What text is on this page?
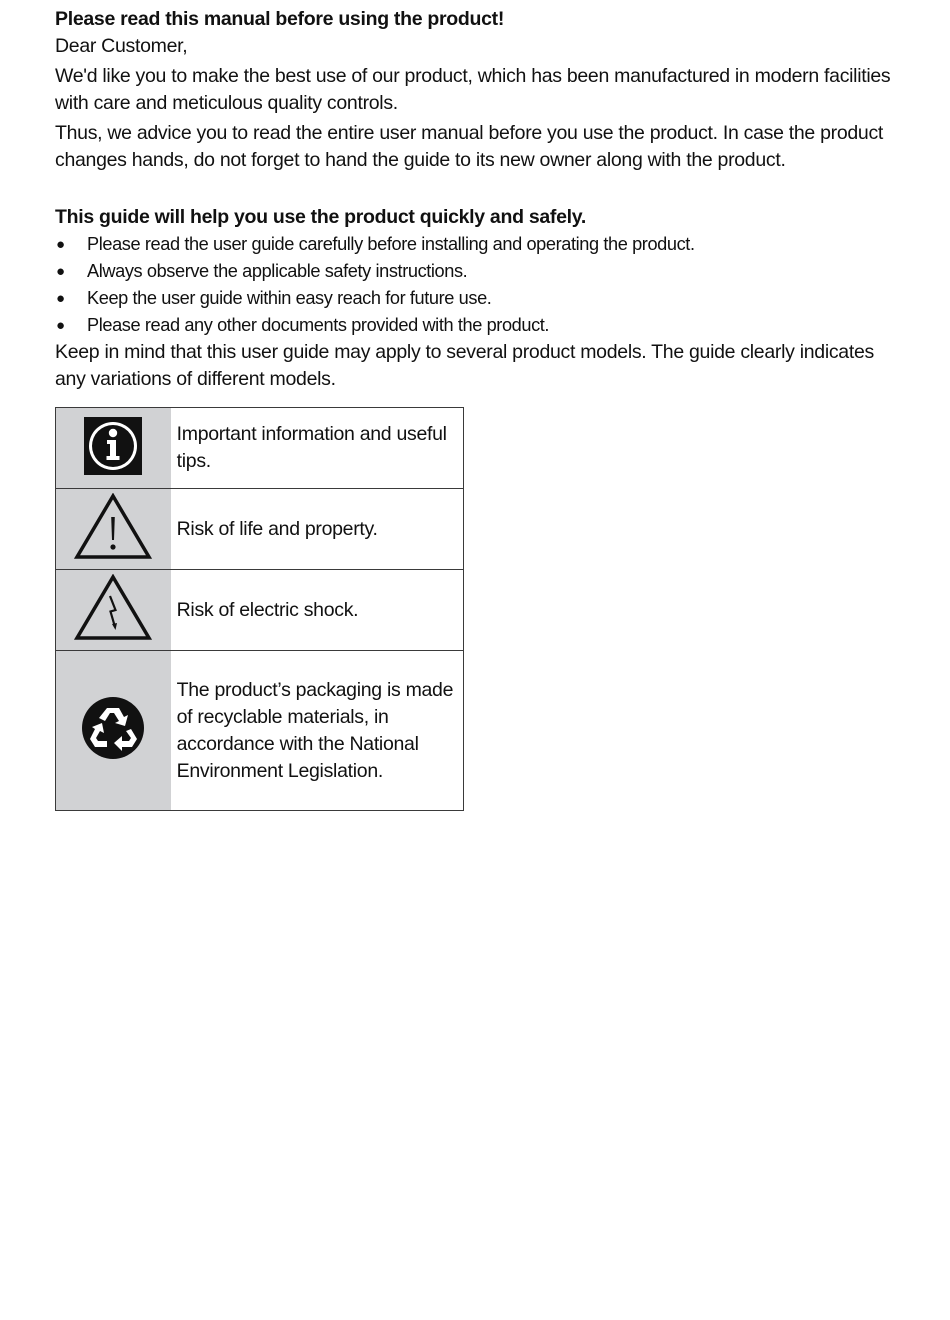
Please read this manual before using the product!

Dear Customer,

We'd like you to make the best use of our product, which has been manufactured in modern facilities with care and meticulous quality controls.

Thus, we advice you to read the entire user manual before you use the product. In case the product changes hands, do not forget to hand the guide to its new owner along with the product.

This guide will help you use the product quickly and safely.

● Please read the user guide carefully before installing and operating the product.
● Always observe the applicable safety instructions.
● Keep the user guide within easy reach for future use.
● Please read any other documents provided with the product.

Keep in mind that this user guide may apply to several product models. The guide clearly indicates any variations of different models.

	Important information and useful tips.
	Risk of life and property.
	Risk of electric shock.
	The product’s packaging is made of recyclable materials, in accordance with the National Environment Legislation.
